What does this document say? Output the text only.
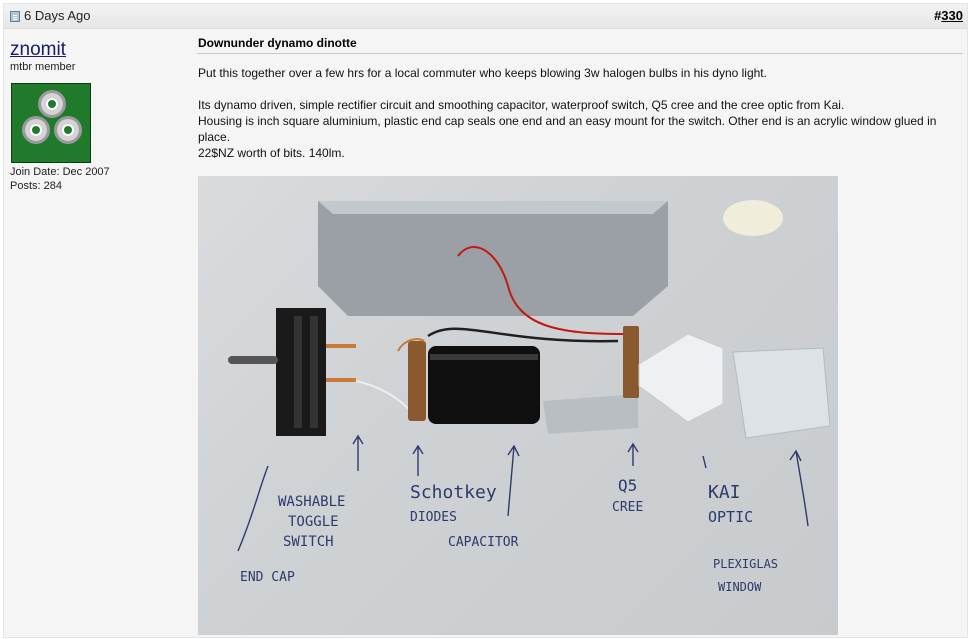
6 Days Ago	#330
znomit
mtbr member
Join Date: Dec 2007
Posts: 284
Downunder dynamo dinotte

Put this together over a few hrs for a local commuter who keeps blowing 3w halogen bulbs in his dyno light.

Its dynamo driven, simple rectifier circuit and smoothing capacitor, waterproof switch, Q5 cree and the cree optic from Kai.

Housing is inch square aluminium, plastic end cap seals one end and an easy mount for the switch. Other end is an acrylic window glued in place.

22$NZ worth of bits. 140lm.

END CAP
WASHABLE
TOGGLE
SWITCH
Schotkey
DIODES
CAPACITOR
Q5
CREE
KAI
OPTIC
PLEXIGLAS
WINDOW
